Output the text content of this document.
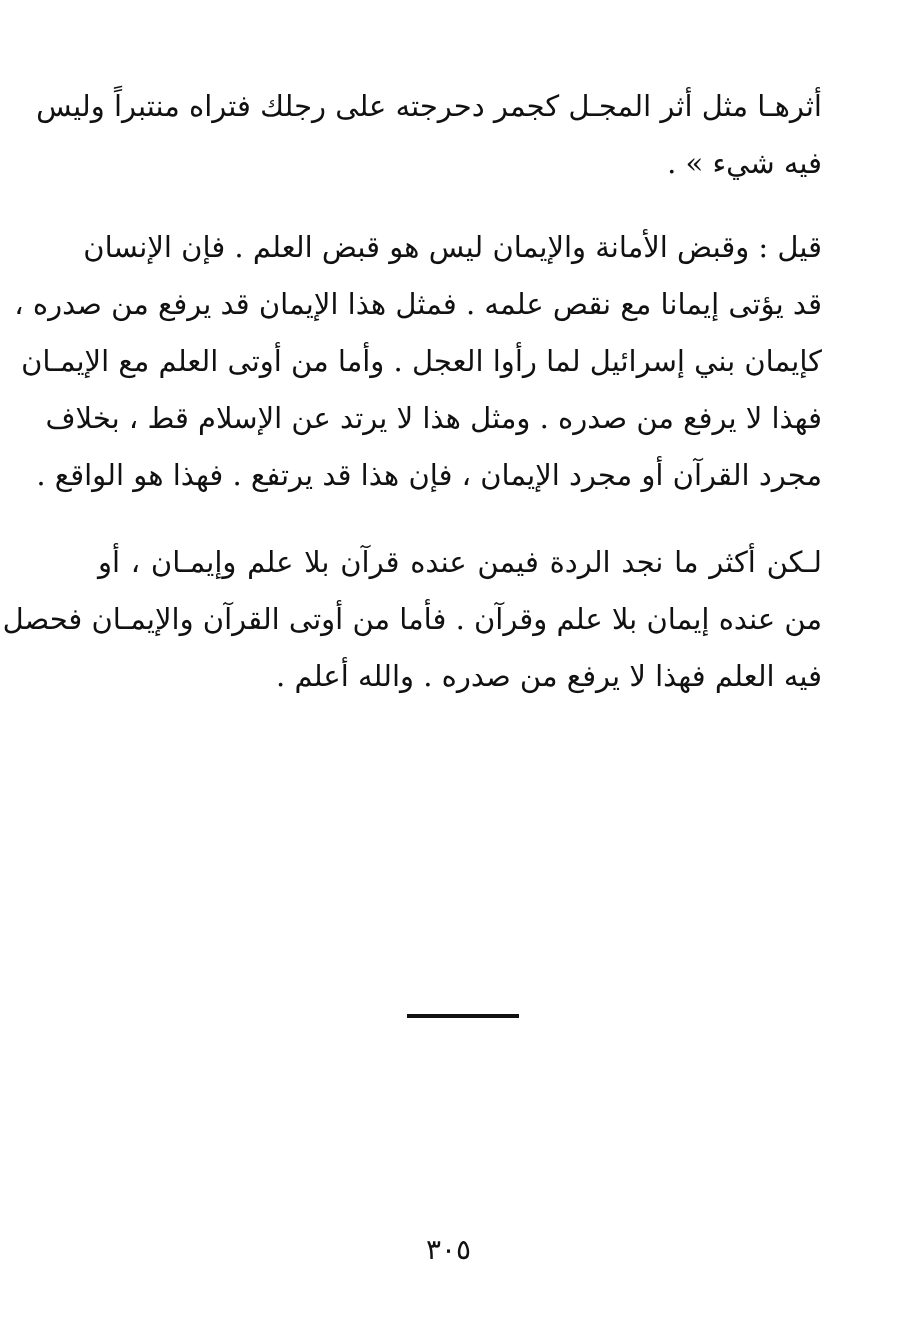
أثرهـا مثل أثر المجـل كجمر دحرجته على رجلك فتراه منتبراً وليس
فيه شيء » .
قيل : وقبض الأمانة والإيمان ليس هو قبض العلم . فإن الإنسان
قد يؤتى إيمانا مع نقص علمه . فمثل هذا الإيمان قد يرفع من صدره ،
كإيمان بني إسرائيل لما رأوا العجل . وأما من أوتى العلم مع الإيمـان
فهذا لا يرفع من صدره . ومثل هذا لا يرتد عن الإسلام قط ، بخلاف
مجرد القرآن أو مجرد الإيمان ، فإن هذا قد يرتفع . فهذا هو الواقع .
لـكن أكثر ما نجد الردة فيمن عنده قرآن بلا علم وإيمـان ، أو
من عنده إيمان بلا علم وقرآن . فأما من أوتى القرآن والإيمـان فحصل
فيه العلم فهذا لا يرفع من صدره . والله أعلم .
٣٠٥
